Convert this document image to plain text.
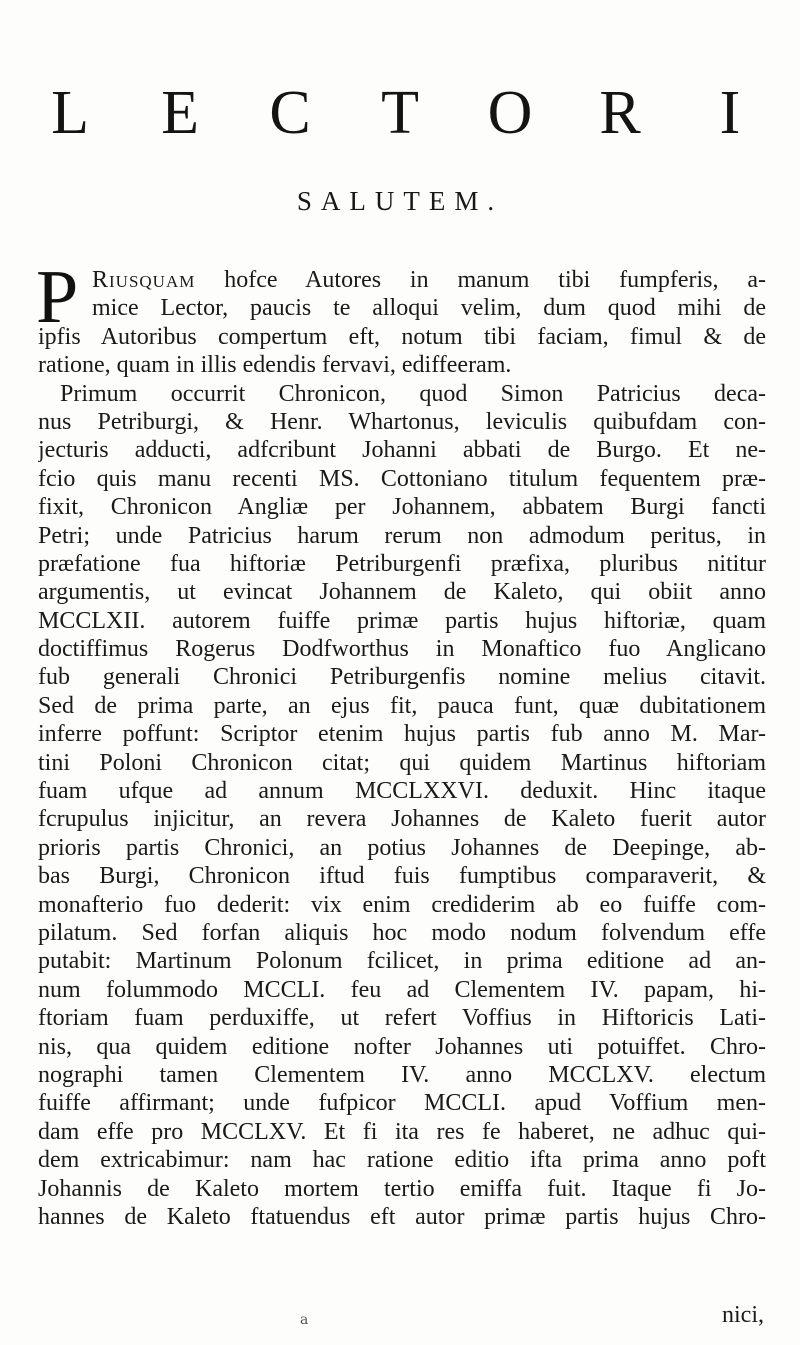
L E C T O R	I
SALUTEM.
P Riusquam hofce Autores in manum tibi fumpferis, a-
mice Lector, paucis te alloqui velim, dum quod mihi de
ipfis Autoribus compertum eft, notum tibi faciam, fimul & de
ratione, quam in illis edendis fervavi, ediffeeram.
Primum occurrit Chronicon, quod Simon Patricius deca-
nus Petriburgi, & Henr. Whartonus, leviculis quibufdam con-
jecturis adducti, adfcribunt Johanni abbati de Burgo. Et ne-
fcio quis manu recenti MS. Cottoniano titulum fequentem præ-
fixit, Chronicon Angliæ per Johannem, abbatem Burgi fancti
Petri; unde Patricius harum rerum non admodum peritus, in
præfatione fua hiftoriæ Petriburgenfi præfixa, pluribus nititur
argumentis, ut evincat Johannem de Kaleto, qui obiit anno
MCCLXII. autorem fuiffe primæ partis hujus hiftoriæ, quam
doctiffimus Rogerus Dodfworthus in Monaftico fuo Anglicano
fub generali Chronici Petriburgenfis nomine melius citavit.
Sed de prima parte, an ejus fit, pauca funt, quæ dubitationem
inferre poffunt: Scriptor etenim hujus partis fub anno M. Mar-
tini Poloni Chronicon citat; qui quidem Martinus hiftoriam
fuam ufque ad annum MCCLXXVI. deduxit. Hinc itaque
fcrupulus injicitur, an revera Johannes de Kaleto fuerit autor
prioris partis Chronici, an potius Johannes de Deepinge, ab-
bas Burgi, Chronicon iftud fuis fumptibus comparaverit, &
monafterio fuo dederit: vix enim crediderim ab eo fuiffe com-
pilatum. Sed forfan aliquis hoc modo nodum folvendum effe
putabit: Martinum Polonum fcilicet, in prima editione ad an-
num folummodo MCCLI. feu ad Clementem IV. papam, hi-
ftoriam fuam perduxiffe, ut refert Voffius in Hiftoricis Lati-
nis, qua quidem editione nofter Johannes uti potuiffet. Chro-
nographi tamen Clementem IV. anno MCCLXV. electum
fuiffe affirmant; unde fufpicor MCCLI. apud Voffium men-
dam effe pro MCCLXV. Et fi ita res fe haberet, ne adhuc qui-
dem extricabimur: nam hac ratione editio ifta prima anno poft
Johannis de Kaleto mortem tertio emiffa fuit. Itaque fi Jo-
hannes de Kaleto ftatuendus eft autor primæ partis hujus Chro-
a	nici,
